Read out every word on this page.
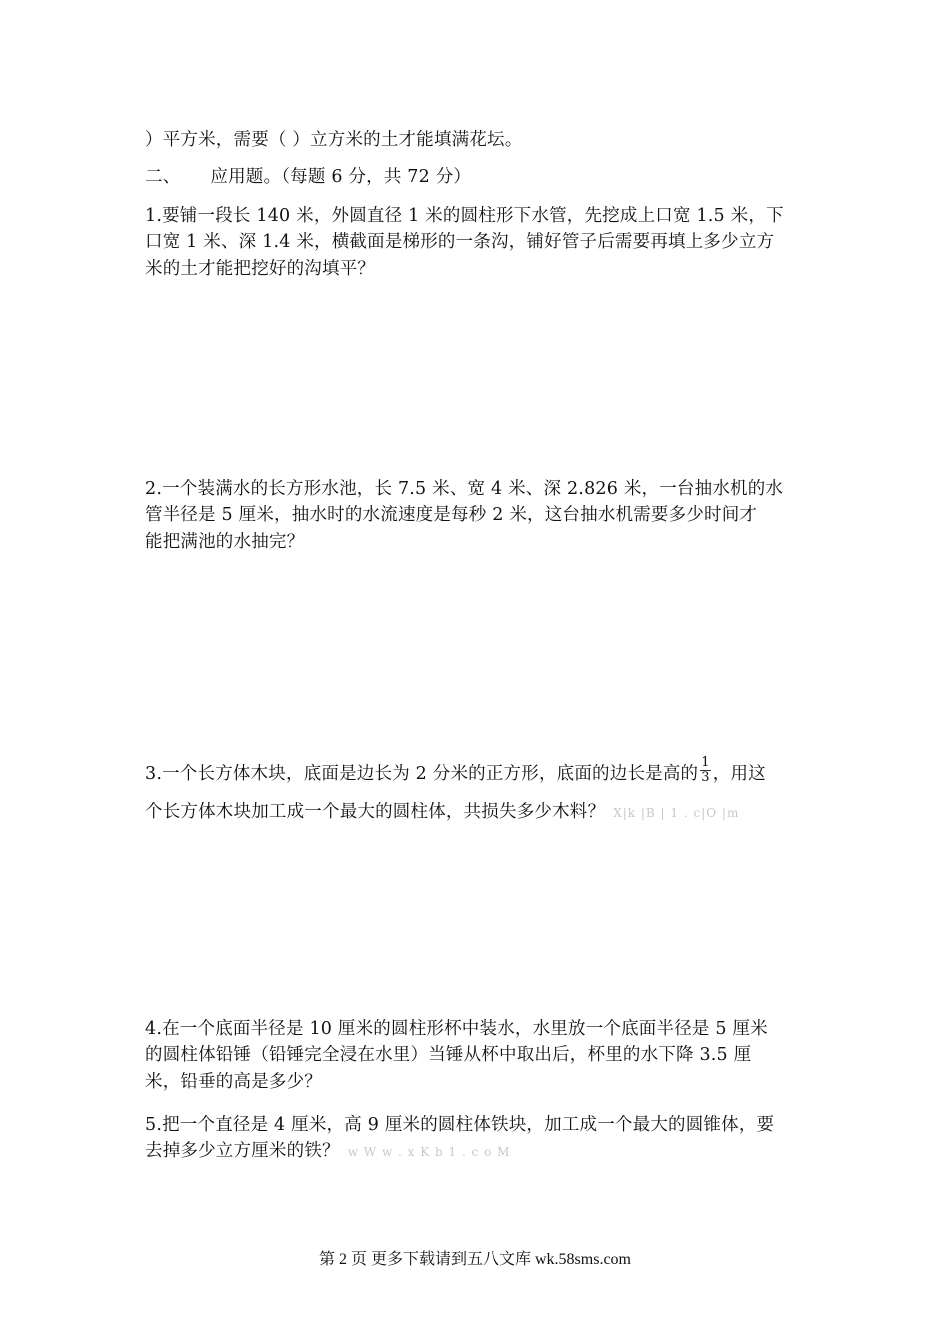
）平方米，需要（ ）立方米的土才能填满花坛。
二、 应用题。（每题 6 分，共 72 分）
1.要铺一段长 140 米，外圆直径 1 米的圆柱形下水管，先挖成上口宽 1.5 米，下
口宽 1 米、深 1.4 米，横截面是梯形的一条沟，铺好管子后需要再填上多少立方
米的土才能把挖好的沟填平？
2.一个装满水的长方形水池，长 7.5 米、宽 4 米、深 2.826 米，一台抽水机的水
管半径是 5 厘米，抽水时的水流速度是每秒 2 米，这台抽水机需要多少时间才
能把满池的水抽完？
3.一个长方体木块，底面是边长为 2 分米的正方形，底面的边长是高的 $\frac{1}{3}$ ，用这
个长方体木块加工成一个最大的圆柱体，共损失多少木料？ X|k |B | 1 . c|O |m
4.在一个底面半径是 10 厘米的圆柱形杯中装水，水里放一个底面半径是 5 厘米
的圆柱体铅锤（铅锤完全浸在水里）当锤从杯中取出后，杯里的水下降 3.5 厘
米，铅垂的高是多少？
5.把一个直径是 4 厘米，高 9 厘米的圆柱体铁块，加工成一个最大的圆锥体，要
去掉多少立方厘米的铁？ w W w . x K b 1 . c o M
第 2 页 更多下载请到五八文库 wk.58sms.com
